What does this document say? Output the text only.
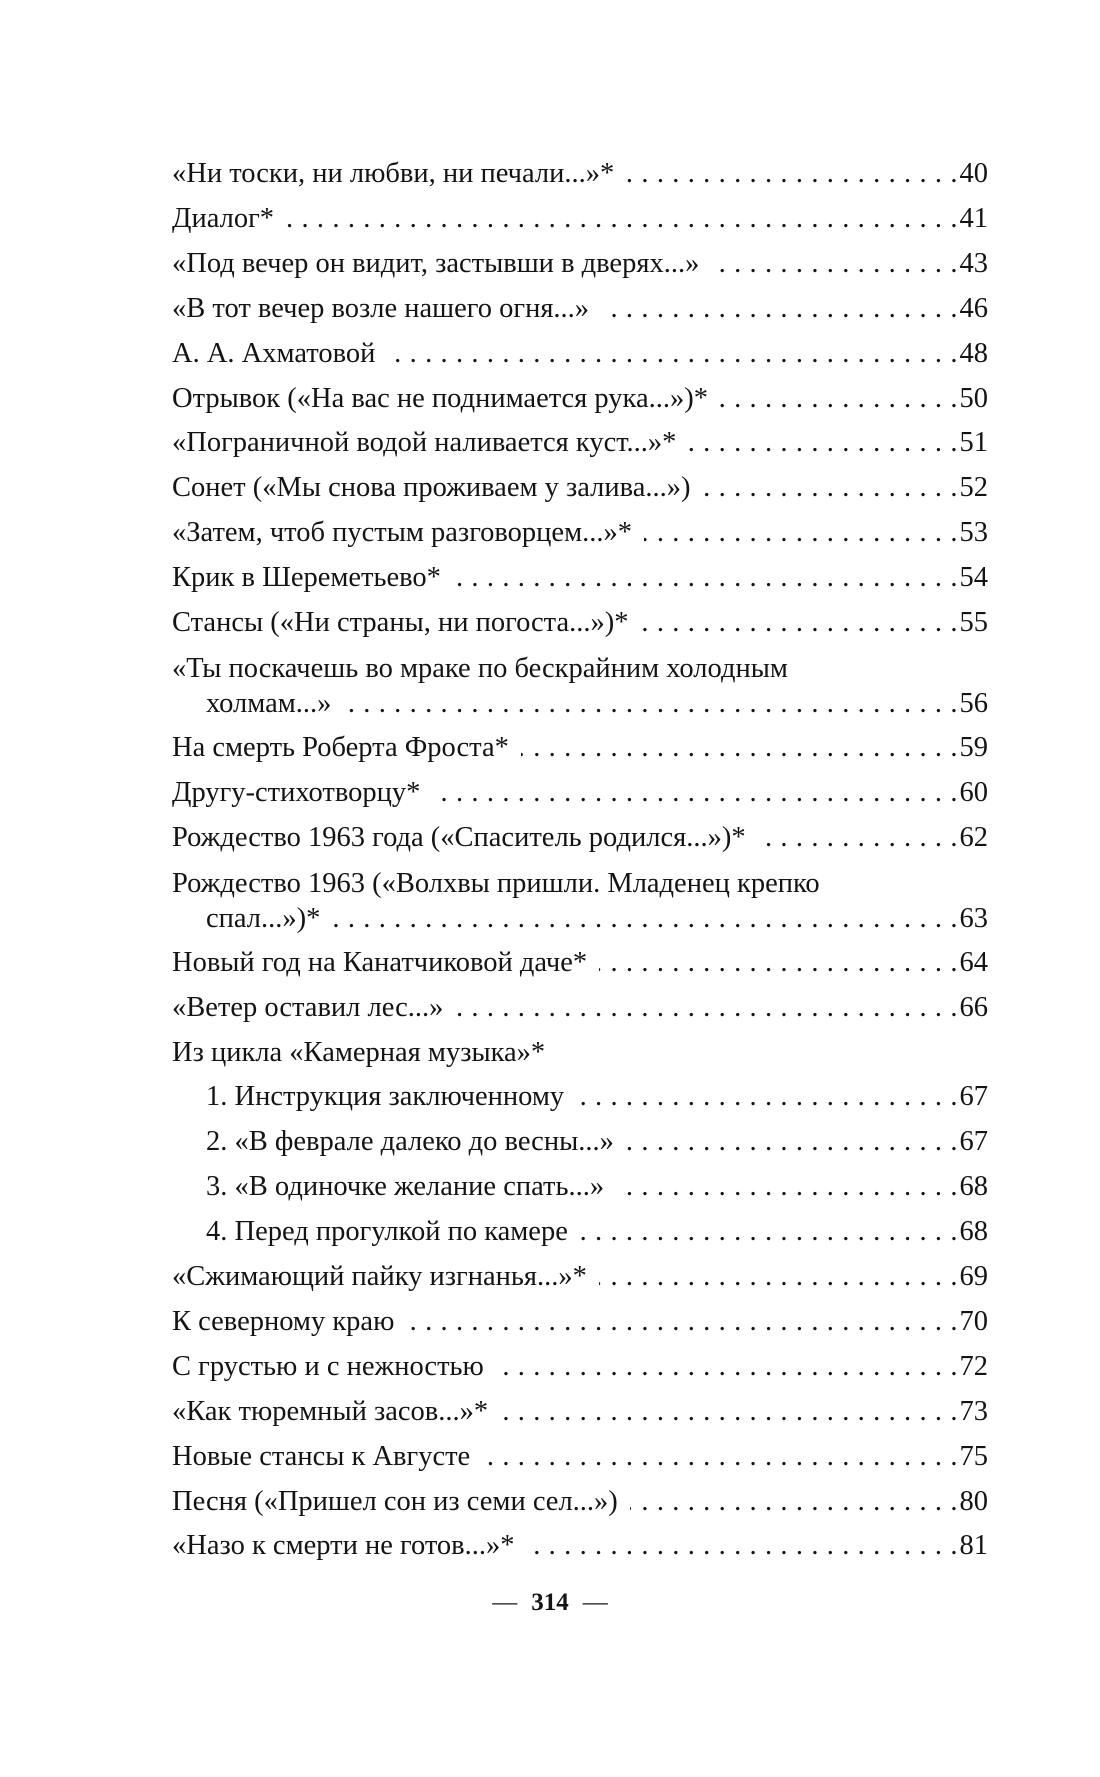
«Ни тоски, ни любви, ни печали...»* . . .	40
Диалог* . . .	41
«Под вечер он видит, застывши в дверях...» . . .	43
«В тот вечер возле нашего огня...» . . .	46
А. А. Ахматовой . . .	48
Отрывок («На вас не поднимается рука...»)* . . .	50
«Пограничной водой наливается куст...»* . . .	51
Сонет («Мы снова проживаем у залива...») . . .	52
«Затем, чтоб пустым разговорцем...»* . . .	53
Крик в Шереметьево* . . .	54
Стансы («Ни страны, ни погоста...»)* . . .	55
«Ты поскачешь во мраке по бескрайним холодным
холмам...» . . .	56
На смерть Роберта Фроста* . . .	59
Другу-стихотворцу* . . .	60
Рождество 1963 года («Спаситель родился...»)* . . .	62
Рождество 1963 («Волхвы пришли. Младенец крепко
спал...»)* . . .	63
Новый год на Канатчиковой даче* . . .	64
«Ветер оставил лес...» . . .	66
Из цикла «Камерная музыка»*
1. Инструкция заключенному . . .	67
2. «В феврале далеко до весны...» . . .	67
3. «В одиночке желание спать...» . . .	68
4. Перед прогулкой по камере . . .	68
«Сжимающий пайку изгнанья...»* . . .	69
К северному краю . . .	70
С грустью и с нежностью . . .	72
«Как тюремный засов...»* . . .	73
Новые стансы к Августе . . .	75
Песня («Пришел сон из семи сел...») . . .	80
«Назо к смерти не готов...»* . . .	81
— 314 —
